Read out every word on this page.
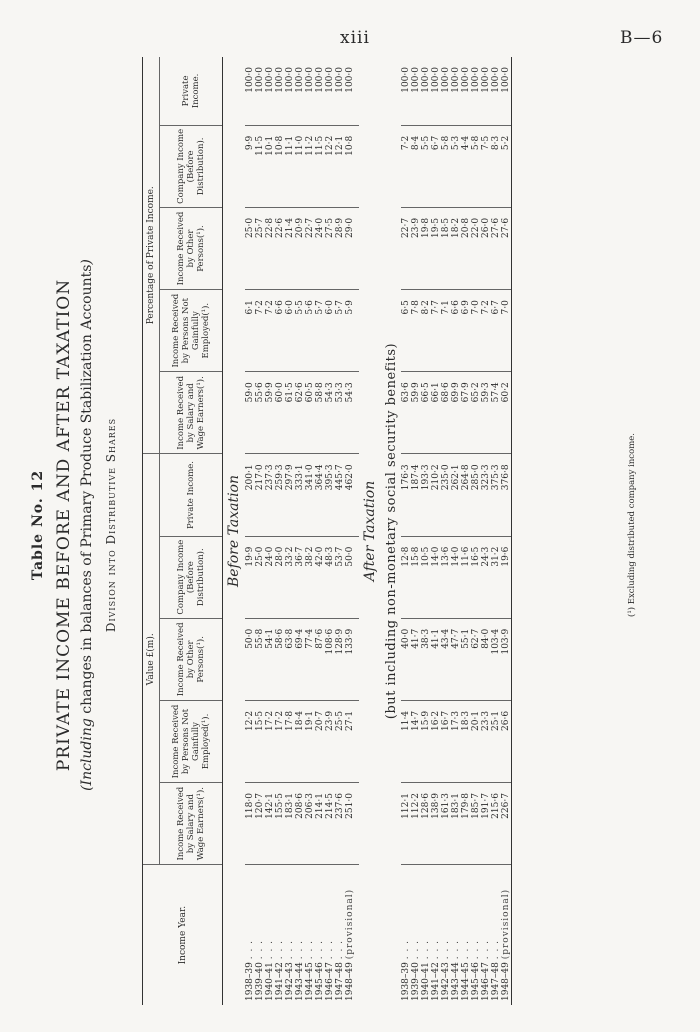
xiii	B—6
Table No. 12 PRIVATE INCOME BEFORE AND AFTER TAXATION
(Including changes in balances of Primary Produce Stabilization Accounts)
Division into Distributive Shares
Income Year.	Value £(m).					Percentage of Private Income.				
	Income Received by Salary and Wage Earners(¹).	Income Received by Persons Not Gainfully Employed(¹).	Income Received by Other Persons(¹).	Company Income (Before Distribution).	Private Income.	Income Received by Salary and Wage Earners(¹).	Income Received by Persons Not Gainfully Employed(¹).	Income Received by Other Persons(¹).	Company Income (Before Distribution).	Private Income.
Before Taxation										
1938–39 . . .	118·0	12·2	50·0	19·9	200·1	59·0	6·1	25·0	9·9	100·0
1939–40 . . .	120·7	15·5	55·8	25·0	217·0	55·6	7·2	25·7	11·5	100·0
1940–41 . . .	142·1	17·2	54·1	24·0	237·3	59·9	7·2	22·8	10·1	100·0
1941–42 . . .	155·5	17·2	58·6	28·0	259·3	60·0	6·6	22·6	10·8	100·0
1942–43 . . .	183·1	17·8	63·8	33·2	297·9	61·5	6·0	21·4	11·1	100·0
1943–44 . . .	208·6	18·4	69·4	36·7	333·1	62·6	5·5	20·9	11·0	100·0
1944–45 . . .	206·3	19·1	77·4	38·2	341·0	60·5	5·6	22·7	11·2	100·0
1945–46 . . .	214·1	20·7	87·6	42·0	364·4	58·8	5·7	24·0	11·5	100·0
1946–47 . . .	214·5	23·9	108·6	48·3	395·3	54·3	6·0	27·5	12·2	100·0
1947–48 . . .	237·6	25·5	128·9	53·7	445·7	53·3	5·7	28·9	12·1	100·0
1948–49 (provisional)	251·0	27·1	133·9	50·0	462·0	54·3	5·9	29·0	10·8	100·0

After Taxation										
(but including non-monetary social security benefits)										
1938–39 . . .	112·1	11·4	40·0	12·8	176·3	63·6	6·5	22·7	7·2	100·0
1939–40 . . .	112·2	14·7	41·7	15·8	187·4	59·9	7·8	23·9	8·4	100·0
1940–41 . . .	128·6	15·9	38·3	10·5	193·3	66·5	8·2	19·8	5·5	100·0
1941–42 . . .	138·9	16·2	41·1	14·0	210·2	66·1	7·7	19·5	6·7	100·0
1942–43 . . .	161·3	16·7	43·4	13·6	235·0	68·6	7·1	18·5	5·8	100·0
1943–44 . . .	183·1	17·3	47·7	14·0	262·1	69·9	6·6	18·2	5·3	100·0
1944–45 . . .	179·8	18·3	55·1	11·6	264·8	67·9	6·9	20·8	4·4	100·0
1945–46 . . .	185·7	20·1	62·7	16·5	285·0	65·2	7·0	22·0	5·8	100·0
1946–47 . . .	191·7	23·3	84·0	24·3	323·3	59·3	7·2	26·0	7·5	100·0
1947–48 . . .	215·6	25·1	103·4	31·2	375·3	57·4	6·7	27·6	8·3	100·0
1948–49 (provisional)	226·7	26·6	103·9	19·6	376·8	60·2	7·0	27·6	5·2	100·0
(¹) Excluding distributed company income.
